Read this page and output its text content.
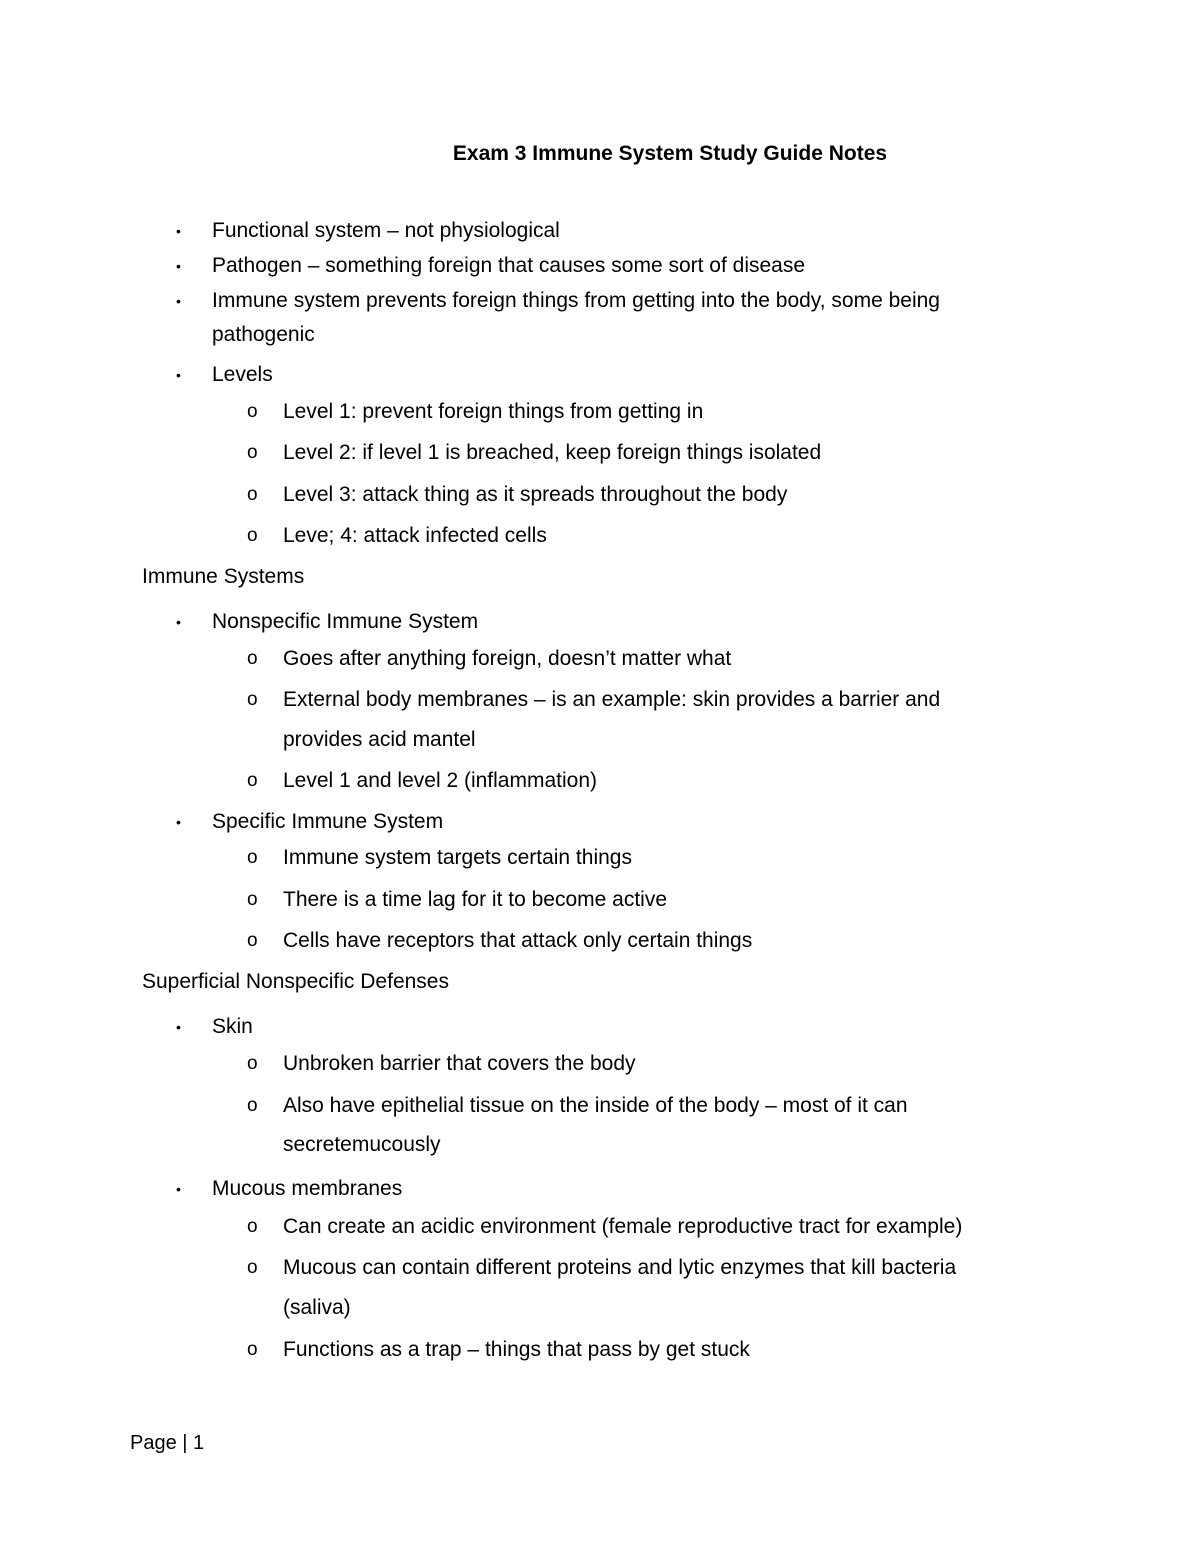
Exam 3 Immune System Study Guide Notes
• Functional system – not physiological
• Pathogen – something foreign that causes some sort of disease
• Immune system prevents foreign things from getting into the body, some being
pathogenic
• Levels
o Level 1: prevent foreign things from getting in
o Level 2: if level 1 is breached, keep foreign things isolated
o Level 3: attack thing as it spreads throughout the body
o Leve; 4: attack infected cells
Immune Systems
• Nonspecific Immune System
o Goes after anything foreign, doesn’t matter what
o External body membranes – is an example: skin provides a barrier and
provides acid mantel
o Level 1 and level 2 (inflammation)
• Specific Immune System
o Immune system targets certain things
o There is a time lag for it to become active
o Cells have receptors that attack only certain things
Superficial Nonspecific Defenses
• Skin
o Unbroken barrier that covers the body
o Also have epithelial tissue on the inside of the body – most of it can
secretemucously
• Mucous membranes
o Can create an acidic environment (female reproductive tract for example)
o Mucous can contain different proteins and lytic enzymes that kill bacteria
(saliva)
o Functions as a trap – things that pass by get stuck
Page | 1
